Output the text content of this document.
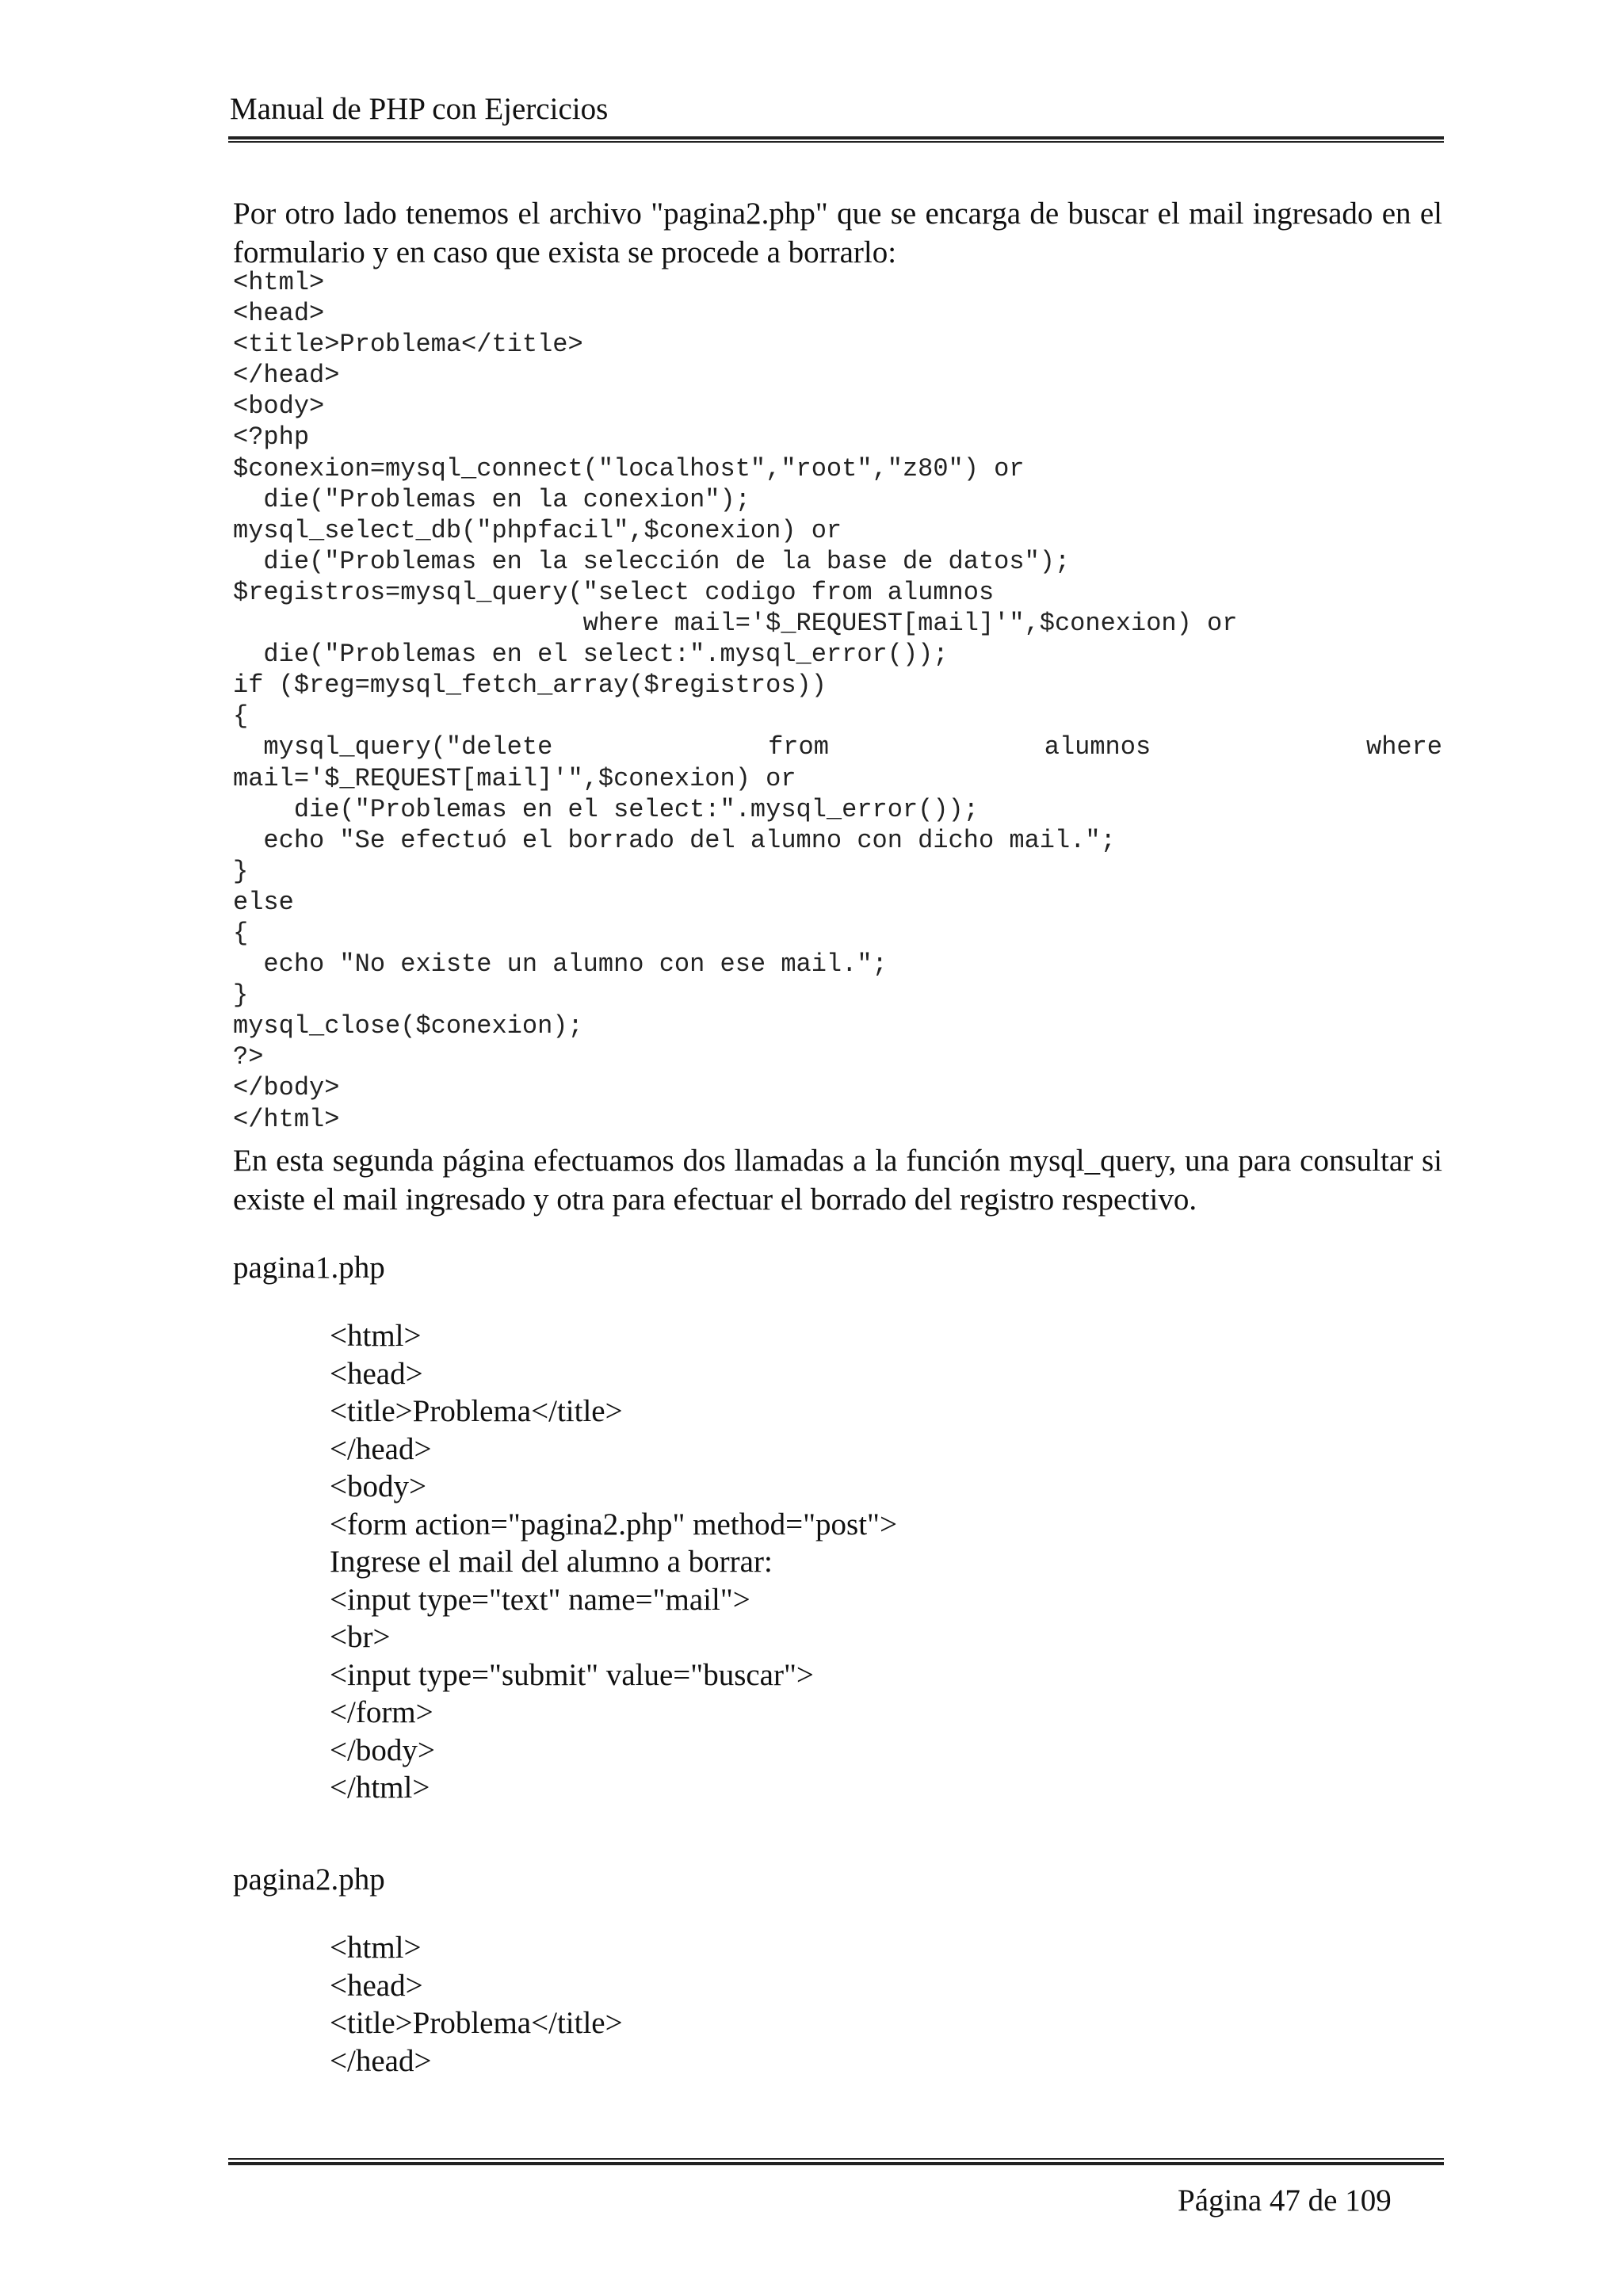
Manual de PHP con Ejercicios
Por otro lado tenemos el archivo "pagina2.php" que se encarga de buscar el mail ingresado en el formulario y en caso que exista se procede a borrarlo:
<html>
<head>
<title>Problema</title>
</head>
<body>
<?php
$conexion=mysql_connect("localhost","root","z80") or
die("Problemas en la conexion");
mysql_select_db("phpfacil",$conexion) or
die("Problemas en la selección de la base de datos");
$registros=mysql_query("select codigo from alumnos
where mail='$_REQUEST[mail]'",$conexion) or
die("Problemas en el select:".mysql_error());
if ($reg=mysql_fetch_array($registros))
{
mysql_query("delete	from	alumnos	where
mail='$_REQUEST[mail]'",$conexion) or
die("Problemas en el select:".mysql_error());
echo "Se efectuó el borrado del alumno con dicho mail.";
}
else
{
echo "No existe un alumno con ese mail.";
}
mysql_close($conexion);
?>
</body>
</html>
En esta segunda página efectuamos dos llamadas a la función mysql_query, una para consultar si existe el mail ingresado y otra para efectuar el borrado del registro respectivo.
pagina1.php
<html>
<head>
<title>Problema</title>
</head>
<body>
<form action="pagina2.php" method="post">
Ingrese el mail del alumno a borrar:
<input type="text" name="mail">
<br>
<input type="submit" value="buscar">
</form>
</body>
</html>
pagina2.php
<html>
<head>
<title>Problema</title>
</head>
Página 47 de 109
